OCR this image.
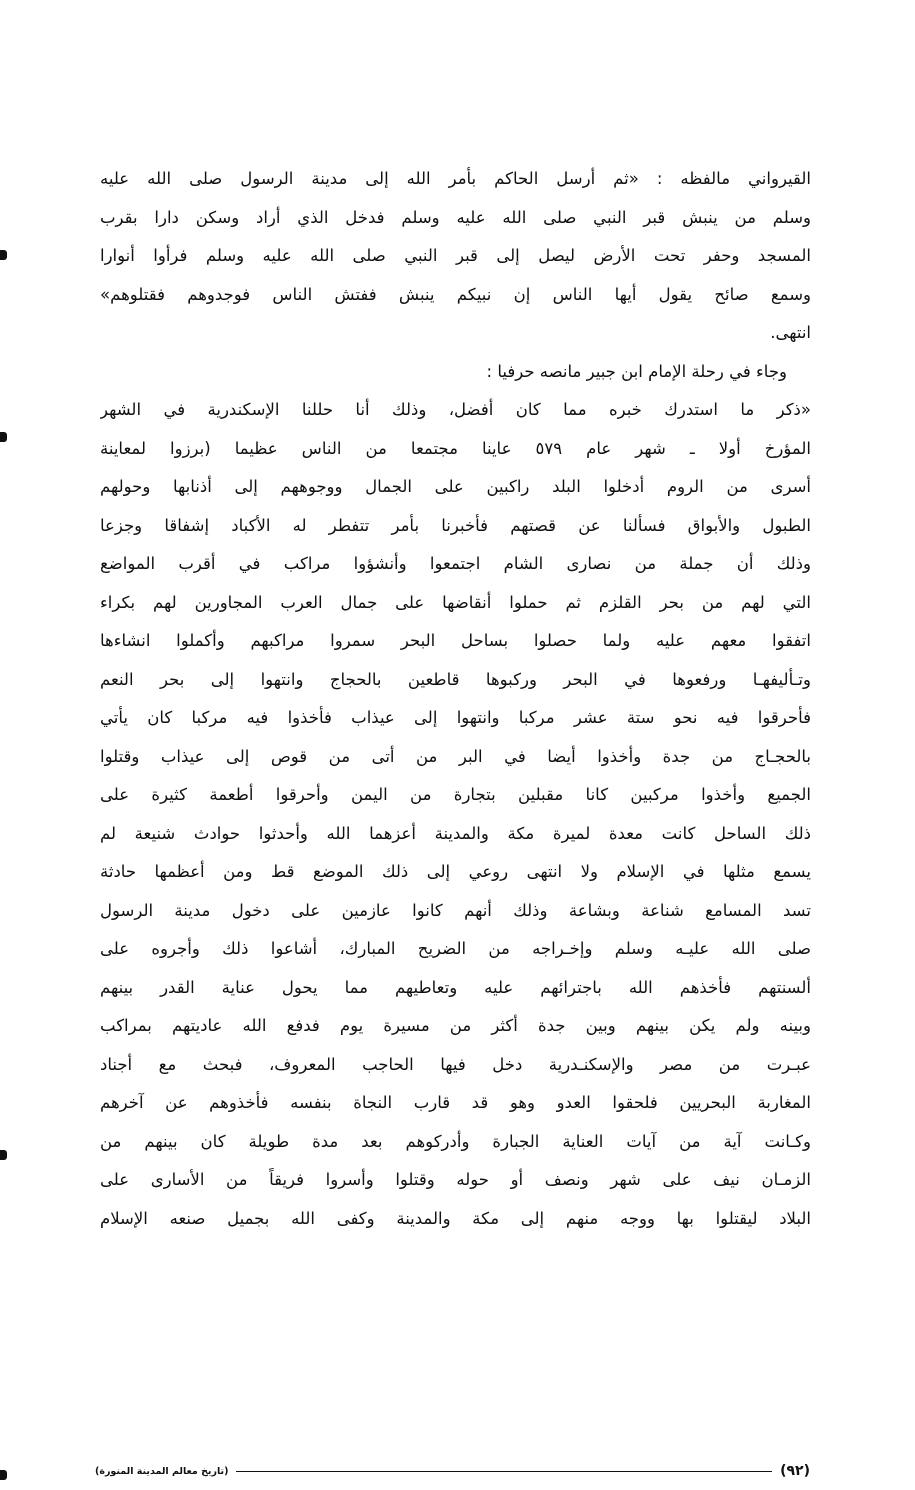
القيرواني مالفظه : «ثم أرسل الحاكم بأمر الله إلى مدينة الرسول صلى الله عليه
وسلم من ينبش قبر النبي صلى الله عليه وسلم فدخل الذي أراد وسكن دارا بقرب
المسجد وحفر تحت الأرض ليصل إلى قبر النبي صلى الله عليه وسلم فرأوا أنوارا
وسمع صائح يقول أيها الناس إن نبيكم ينبش ففتش الناس فوجدوهم فقتلوهم»
انتهى.
وجاء في رحلة الإمام ابن جبير مانصه حرفيا :
«ذكر ما استدرك خبره مما كان أفضل، وذلك أنا حللنا الإسكندرية في الشهر
المؤرخ أولا ـ شهر عام ٥٧٩ عاينا مجتمعا من الناس عظيما (برزوا لمعاينة
أسرى من الروم أدخلوا البلد راكبين على الجمال ووجوههم إلى أذنابها وحولهم
الطبول والأبواق فسألنا عن قصتهم فأخبرنا بأمر تتفطر له الأكباد إشفاقا وجزعا
وذلك أن جملة من نصارى الشام اجتمعوا وأنشؤوا مراكب في أقرب المواضع
التي لهم من بحر القلزم ثم حملوا أنقاضها على جمال العرب المجاورين لهم بكراء
اتفقوا معهم عليه ولما حصلوا بساحل البحر سمروا مراكبهم وأكملوا انشاءها
وتـأليفهـا ورفعوها في البحر وركبوها قاطعين بالحجاج وانتهوا إلى بحر النعم
فأحرقوا فيه نحو ستة عشر مركبا وانتهوا إلى عيذاب فأخذوا فيه مركبا كان يأتي
بالحجـاج من جدة وأخذوا أيضا في البر من أتى من قوص إلى عيذاب وقتلوا
الجميع وأخذوا مركبين كانا مقبلين بتجارة من اليمن وأحرقوا أطعمة كثيرة على
ذلك الساحل كانت معدة لميرة مكة والمدينة أعزهما الله وأحدثوا حوادث شنيعة لم
يسمع مثلها في الإسلام ولا انتهى روعي إلى ذلك الموضع قط ومن أعظمها حادثة
تسد المسامع شناعة وبشاعة وذلك أنهم كانوا عازمين على دخول مدينة الرسول
صلى الله عليـه وسلم وإخـراجه من الضريح المبارك، أشاعوا ذلك وأجروه على
ألسنتهم فأخذهم الله باجترائهم عليه وتعاطيهم مما يحول عناية القدر بينهم
وبينه ولم يكن بينهم وبين جدة أكثر من مسيرة يوم فدفع الله عاديتهم بمراكب
عبـرت من مصر والإسكنـدرية دخل فيها الحاجب المعروف، فبحث مع أجناد
المغاربة البحريين فلحقوا العدو وهو قد قارب النجاة بنفسه فأخذوهم عن آخرهم
وكـانت آية من آيات العناية الجبارة وأدركوهم بعد مدة طويلة كان بينهم من
الزمـان نيف على شهر ونصف أو حوله وقتلوا وأسروا فريقاً من الأسارى على
البلاد ليقتلوا بها ووجه منهم إلى مكة والمدينة وكفى الله بجميل صنعه الإسلام
(تاريخ معالم المدينة المنورة)	(٩٢)
